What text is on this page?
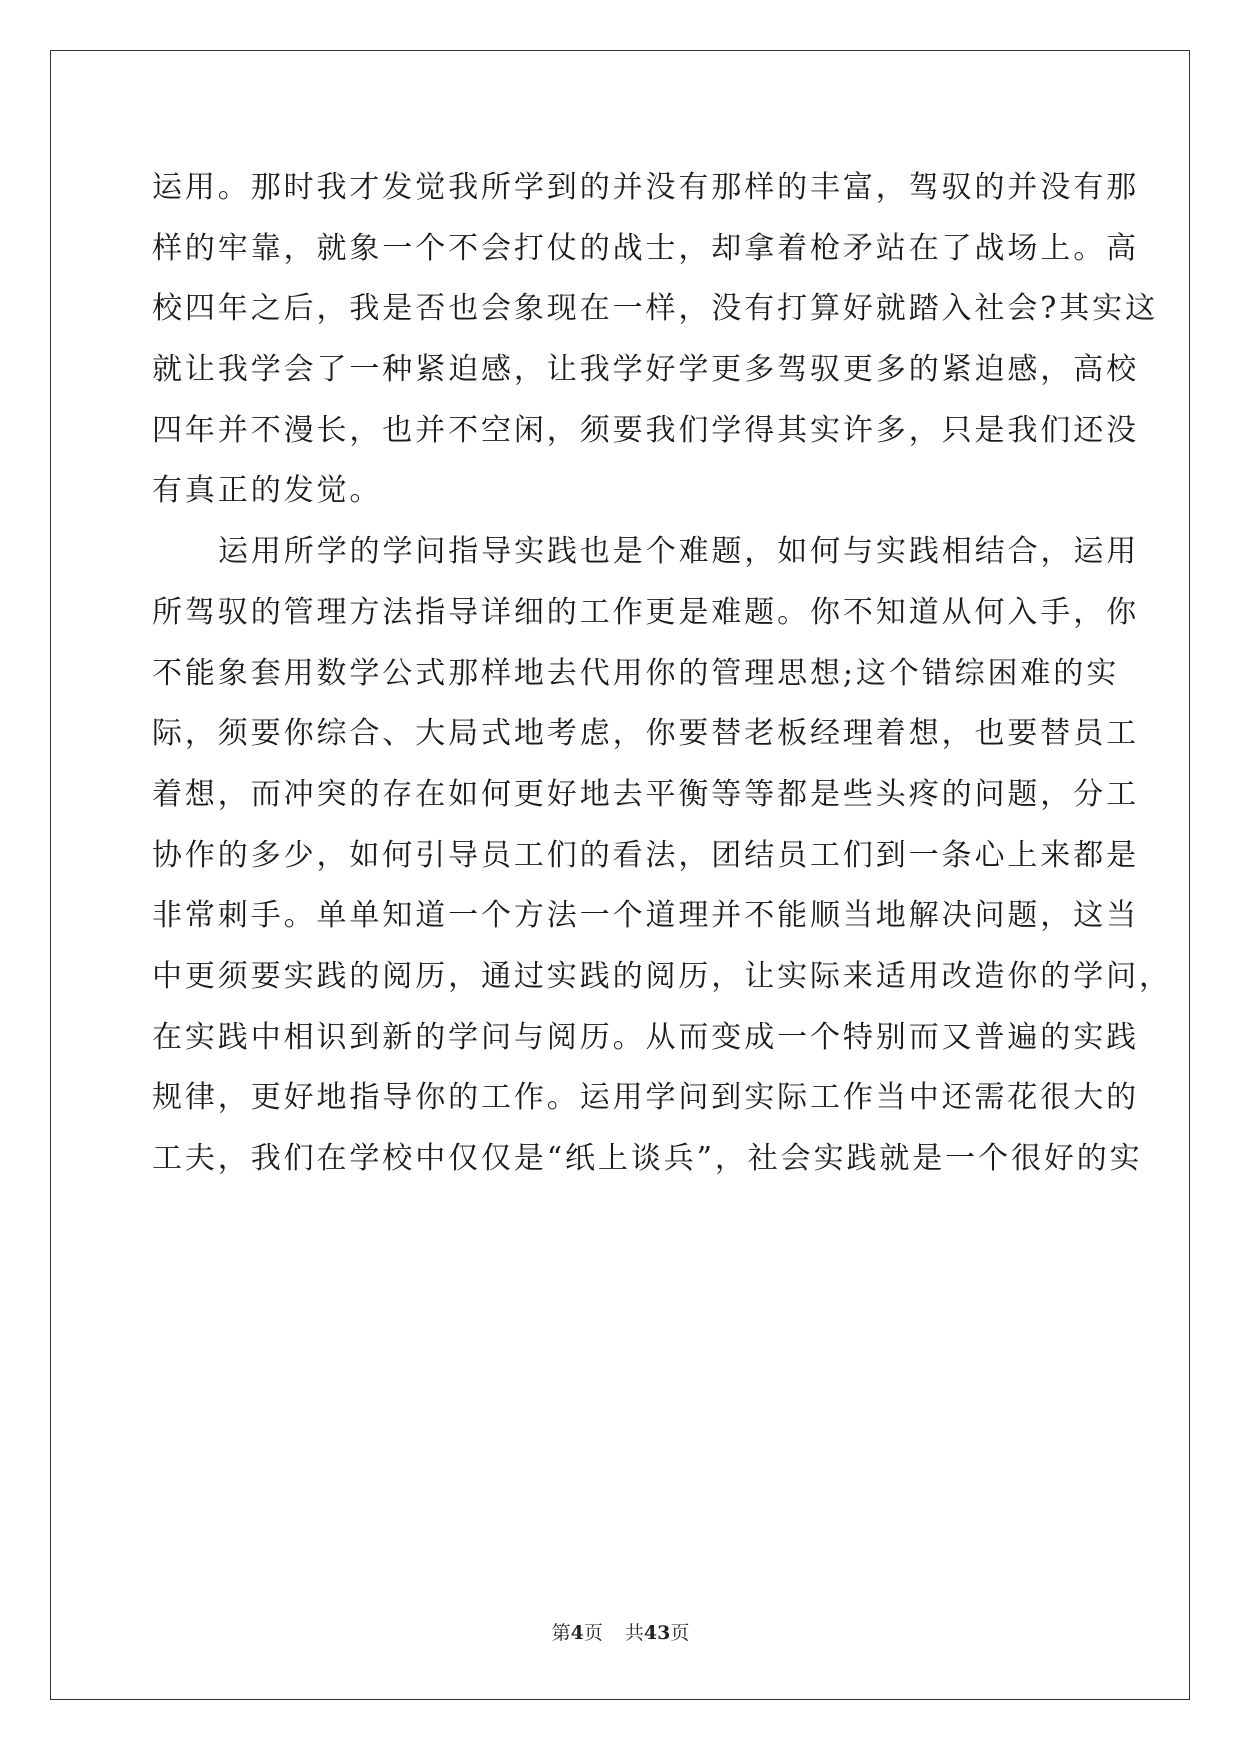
运用。那时我才发觉我所学到的并没有那样的丰富，驾驭的并没有那
样的牢靠，就象一个不会打仗的战士，却拿着枪矛站在了战场上。高
校四年之后，我是否也会象现在一样，没有打算好就踏入社会?其实这
就让我学会了一种紧迫感，让我学好学更多驾驭更多的紧迫感，高校
四年并不漫长，也并不空闲，须要我们学得其实许多，只是我们还没
有真正的发觉。
运用所学的学问指导实践也是个难题，如何与实践相结合，运用
所驾驭的管理方法指导详细的工作更是难题。你不知道从何入手，你
不能象套用数学公式那样地去代用你的管理思想;这个错综困难的实
际，须要你综合、大局式地考虑，你要替老板经理着想，也要替员工
着想，而冲突的存在如何更好地去平衡等等都是些头疼的问题，分工
协作的多少，如何引导员工们的看法，团结员工们到一条心上来都是
非常刺手。单单知道一个方法一个道理并不能顺当地解决问题，这当
中更须要实践的阅历，通过实践的阅历，让实际来适用改造你的学问，
在实践中相识到新的学问与阅历。从而变成一个特别而又普遍的实践
规律，更好地指导你的工作。运用学问到实际工作当中还需花很大的
工夫，我们在学校中仅仅是“纸上谈兵”，社会实践就是一个很好的实
第4页 共43页
